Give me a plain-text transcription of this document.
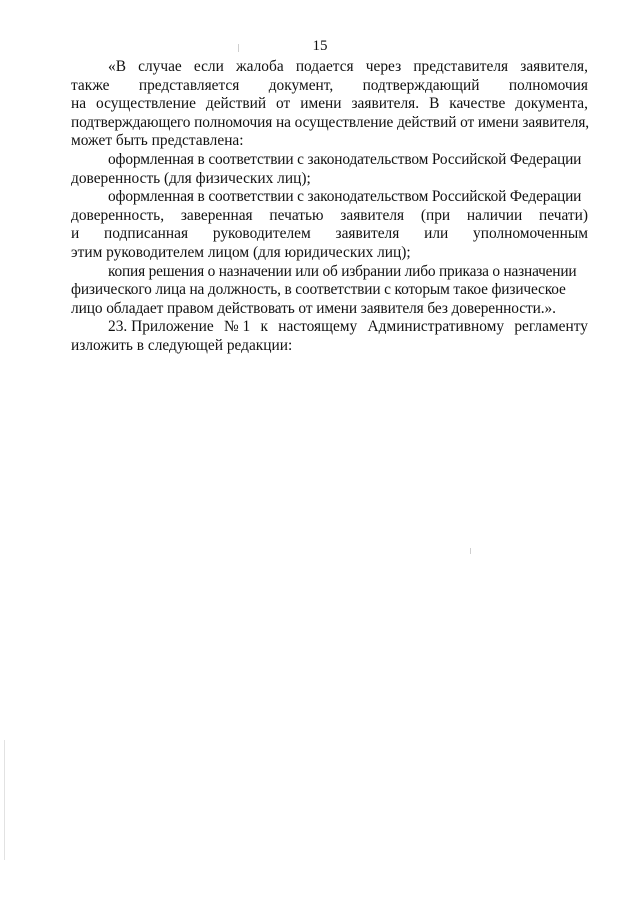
15
«В случае если жалоба подается через представителя заявителя,
также представляется документ, подтверждающий полномочия
на осуществление действий от имени заявителя. В качестве документа,
подтверждающего полномочия на осуществление действий от имени заявителя,
может быть представлена:
оформленная в соответствии с законодательством Российской Федерации
доверенность (для физических лиц);
оформленная в соответствии с законодательством Российской Федерации
доверенность, заверенная печатью заявителя (при наличии печати)
и подписанная руководителем заявителя или уполномоченным
этим руководителем лицом (для юридических лиц);
копия решения о назначении или об избрании либо приказа о назначении
физического лица на должность, в соответствии с которым такое физическое
лицо обладает правом действовать от имени заявителя без доверенности.».
23. Приложение № 1 к настоящему Административному регламенту
изложить в следующей редакции:
